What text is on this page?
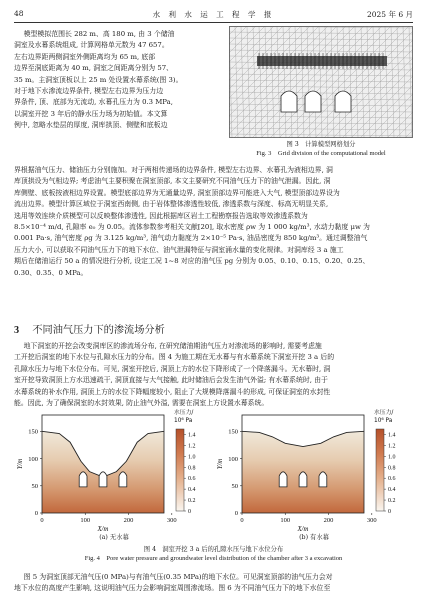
48	水 利 水 运 工 程 学 报	2025 年 6 月
模型模拟范围长 282 m、高 180 m, 由 3 个储油
洞室及水幕系统组成, 计算网格单元数为 47 657。
左右边界距两侧洞室外侧距离均为 65 m, 底部
边界至洞底距离为 40 m, 洞室之间距离分别为 57、
35 m。主洞室顶板以上 25 m 处设置水幕系统(图 3)。
对于地下水渗流边界条件, 模型左右边界为压力边
界条件, 顶、底部为无流动, 水幕孔压力为 0.3 MPa,
以洞室开挖 3 年后的静水压力场为初始值。本文算
例中, 忽略水垫层的厚度, 洞库拱顶、侧壁和底板边
图 3　计算模型网格划分
Fig. 3　Grid division of the computational model
界根据油气压力、储油压力分别施加。对于两相传递场的边界条件, 模型左右边界、水幕孔为液相边界, 洞
库顶拱设为气相边界; 考虑油气主要积聚在洞室顶部, 本文主要研究不同油气压力下的油气泄漏。因此, 洞
库侧壁、底板按液相边界设置。模型底部边界为无通量边界, 洞室顶部边界可能进入大气, 模型顶部边界设为
流出边界。模型计算区域位于洞室西南侧, 由于岩体整体渗透性较低, 渗透系数与深度、标高无明显关系,
选用等效连续介质模型可以反映整体渗透性, 因此根据库区岩土工程勘察报告选取等效渗透系数为
8.5×10⁻⁴ m/d, 孔隙率 e₀ 为 0.05。流体参数参考相关文献[20], 取水密度 ρw 为 1 000 kg/m³, 水动力黏度 μw 为
0.001 Pa·s, 油气密度 ρg 为 3.125 kg/m³, 油气动力黏度为 2×10⁻⁵ Pa·s, 油品密度为 850 kg/m³。通过调整油气
压力大小, 可以获取不同油气压力下的地下水位、油气泄漏特征与洞室涌水量的变化规律。对洞库经 3 a 施工
期后在储油运行 50 a 的情况进行分析, 设定工况 1~8 对应的油气压 pg 分别为 0.05、0.10、0.15、0.20、0.25、
0.30、0.35、0 MPa。
3 不同油气压力下的渗流场分析
地下洞室的开挖会改变洞库区的渗流场分布, 在研究储油期油气压力对渗流场的影响时, 需要考虑施
工开挖后洞室的地下水位与孔隙水压力的分布。图 4 为施工期在无水幕与有水幕系统下洞室开挖 3 a 后的
孔隙水压力与地下水位分布。可见, 洞室开挖后, 洞顶上方的水位下降形成了一个降落漏斗。无水幕时, 洞
室开挖导致洞顶上方水迅速疏干, 洞顶直接与大气接触, 此时储油后会发生油气外溢; 有水幕系统时, 由于
水幕系统的补水作用, 洞顶上方的水位下降幅度较小, 阻止了大规模降落漏斗的形成, 可保证洞室的水封性
能。因此, 为了确保洞室的水封效果, 防止油气外溢, 需要在洞室上方设置水幕系统。
0	100	200	300
0
50
100
150
X/m
Y/m
水压力/
10⁶ Pa
1.4
1.2
1.0
0.8
0.6
0.4
0.2
0
0	100	200	300
0
50
100
150
X/m
Y/m
水压力/
10⁶ Pa
1.4
1.2
1.0
0.8
0.6
0.4
0.2
0
(a) 无水幕	(b) 有水幕
图 4　洞室开挖 3 a 后的孔隙水压与地下水位分布
Fig. 4　Pore water pressure and groundwater level distribution of the chamber after 3 a excavation
图 5 为洞室顶部无油气压(0 MPa)与有油气压(0.35 MPa)的地下水位。可见洞室顶部的油气压力会对
地下水位的高度产生影响, 这说明油气压力会影响洞室周围渗流场。图 6 为不同油气压力下的地下水位至
